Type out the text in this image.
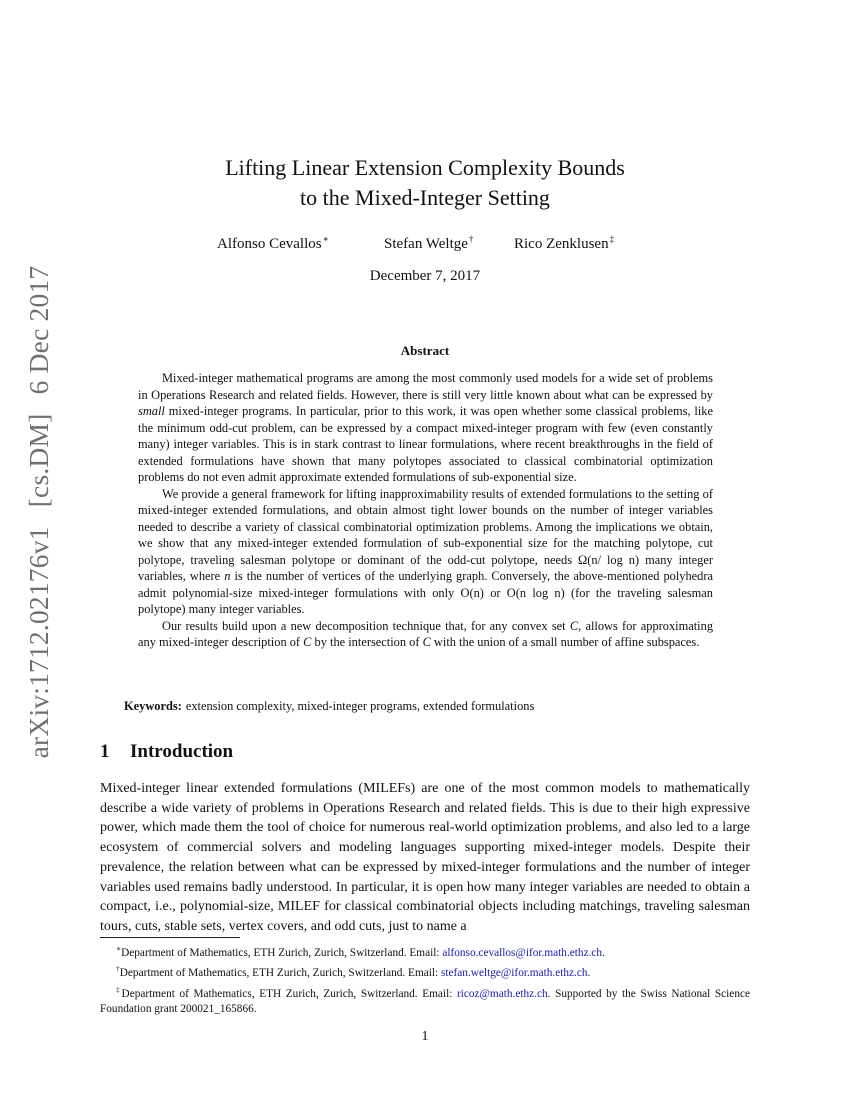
arXiv:1712.02176v1 [cs.DM] 6 Dec 2017
Lifting Linear Extension Complexity Bounds
to the Mixed-Integer Setting
Alfonso Cevallos∗	Stefan Weltge†	Rico Zenklusen‡
December 7, 2017
Abstract

Mixed-integer mathematical programs are among the most commonly used models for a wide set of problems in Operations Research and related fields. However, there is still very little known about what can be expressed by small mixed-integer programs. In particular, prior to this work, it was open whether some classical problems, like the minimum odd-cut problem, can be expressed by a compact mixed-integer program with few (even constantly many) integer variables. This is in stark contrast to linear formulations, where recent breakthroughs in the field of extended formulations have shown that many polytopes associated to classical combinatorial optimization problems do not even admit approximate extended formulations of sub-exponential size.

We provide a general framework for lifting inapproximability results of extended formulations to the setting of mixed-integer extended formulations, and obtain almost tight lower bounds on the number of integer variables needed to describe a variety of classical combinatorial optimization problems. Among the implications we obtain, we show that any mixed-integer extended formulation of sub-exponential size for the matching polytope, cut polytope, traveling salesman polytope or dominant of the odd-cut polytope, needs Ω(n/ log n) many integer variables, where n is the number of vertices of the underlying graph. Conversely, the above-mentioned polyhedra admit polynomial-size mixed-integer formulations with only O(n) or O(n log n) (for the traveling salesman polytope) many integer variables.

Our results build upon a new decomposition technique that, for any convex set C, allows for approximating any mixed-integer description of C by the intersection of C with the union of a small number of affine subspaces.

Keywords: extension complexity, mixed-integer programs, extended formulations
1 Introduction

Mixed-integer linear extended formulations (MILEFs) are one of the most common models to mathematically describe a wide variety of problems in Operations Research and related fields. This is due to their high expressive power, which made them the tool of choice for numerous real-world optimization problems, and also led to a large ecosystem of commercial solvers and modeling languages supporting mixed-integer models. Despite their prevalence, the relation between what can be expressed by mixed-integer formulations and the number of integer variables used remains badly understood. In particular, it is open how many integer variables are needed to obtain a compact, i.e., polynomial-size, MILEF for classical combinatorial objects including matchings, traveling salesman tours, cuts, stable sets, vertex covers, and odd cuts, just to name a

∗Department of Mathematics, ETH Zurich, Zurich, Switzerland. Email: alfonso.cevallos@ifor.math.ethz.ch.

†Department of Mathematics, ETH Zurich, Zurich, Switzerland. Email: stefan.weltge@ifor.math.ethz.ch.

‡Department of Mathematics, ETH Zurich, Zurich, Switzerland. Email: ricoz@math.ethz.ch. Supported by the Swiss National Science Foundation grant 200021_165866.

1
